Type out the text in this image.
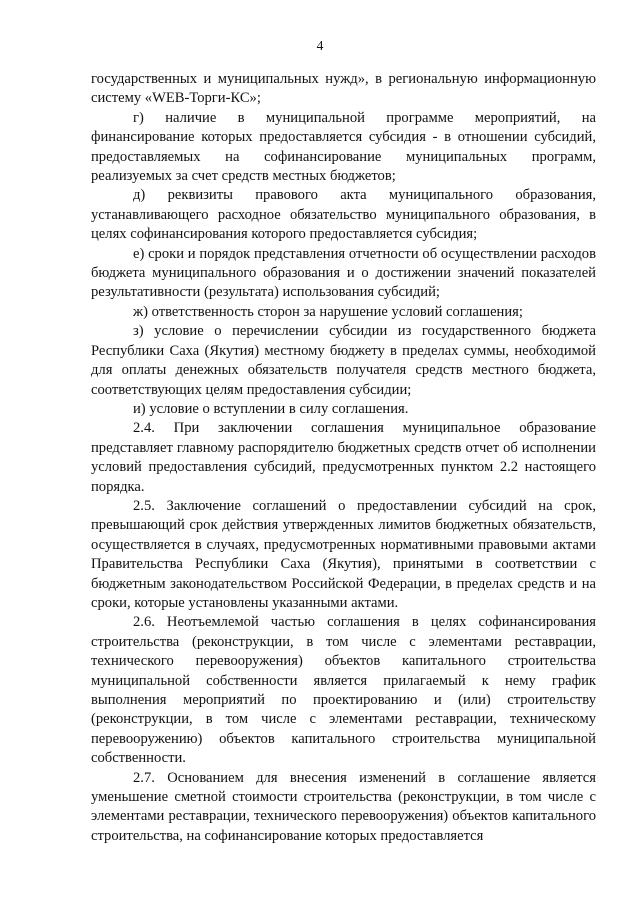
4

государственных и муниципальных нужд», в региональную информационную систему «WEB-Торги-КС»;

г) наличие в муниципальной программе мероприятий, на финансирование которых предоставляется субсидия - в отношении субсидий, предоставляемых на софинансирование муниципальных программ, реализуемых за счет средств местных бюджетов;

д) реквизиты правового акта муниципального образования, устанавливающего расходное обязательство муниципального образования, в целях софинансирования которого предоставляется субсидия;

е) сроки и порядок представления отчетности об осуществлении расходов бюджета муниципального образования и о достижении значений показателей результативности (результата) использования субсидий;

ж) ответственность сторон за нарушение условий соглашения;

з) условие о перечислении субсидии из государственного бюджета Республики Саха (Якутия) местному бюджету в пределах суммы, необходимой для оплаты денежных обязательств получателя средств местного бюджета, соответствующих целям предоставления субсидии;

и) условие о вступлении в силу соглашения.

2.4. При заключении соглашения муниципальное образование представляет главному распорядителю бюджетных средств отчет об исполнении условий предоставления субсидий, предусмотренных пунктом 2.2 настоящего порядка.

2.5. Заключение соглашений о предоставлении субсидий на срок, превышающий срок действия утвержденных лимитов бюджетных обязательств, осуществляется в случаях, предусмотренных нормативными правовыми актами Правительства Республики Саха (Якутия), принятыми в соответствии с бюджетным законодательством Российской Федерации, в пределах средств и на сроки, которые установлены указанными актами.

2.6. Неотъемлемой частью соглашения в целях софинансирования строительства (реконструкции, в том числе с элементами реставрации, технического перевооружения) объектов капитального строительства муниципальной собственности является прилагаемый к нему график выполнения мероприятий по проектированию и (или) строительству (реконструкции, в том числе с элементами реставрации, техническому перевооружению) объектов капитального строительства муниципальной собственности.

2.7. Основанием для внесения изменений в соглашение является уменьшение сметной стоимости строительства (реконструкции, в том числе с элементами реставрации, технического перевооружения) объектов капитального строительства, на софинансирование которых предоставляется
